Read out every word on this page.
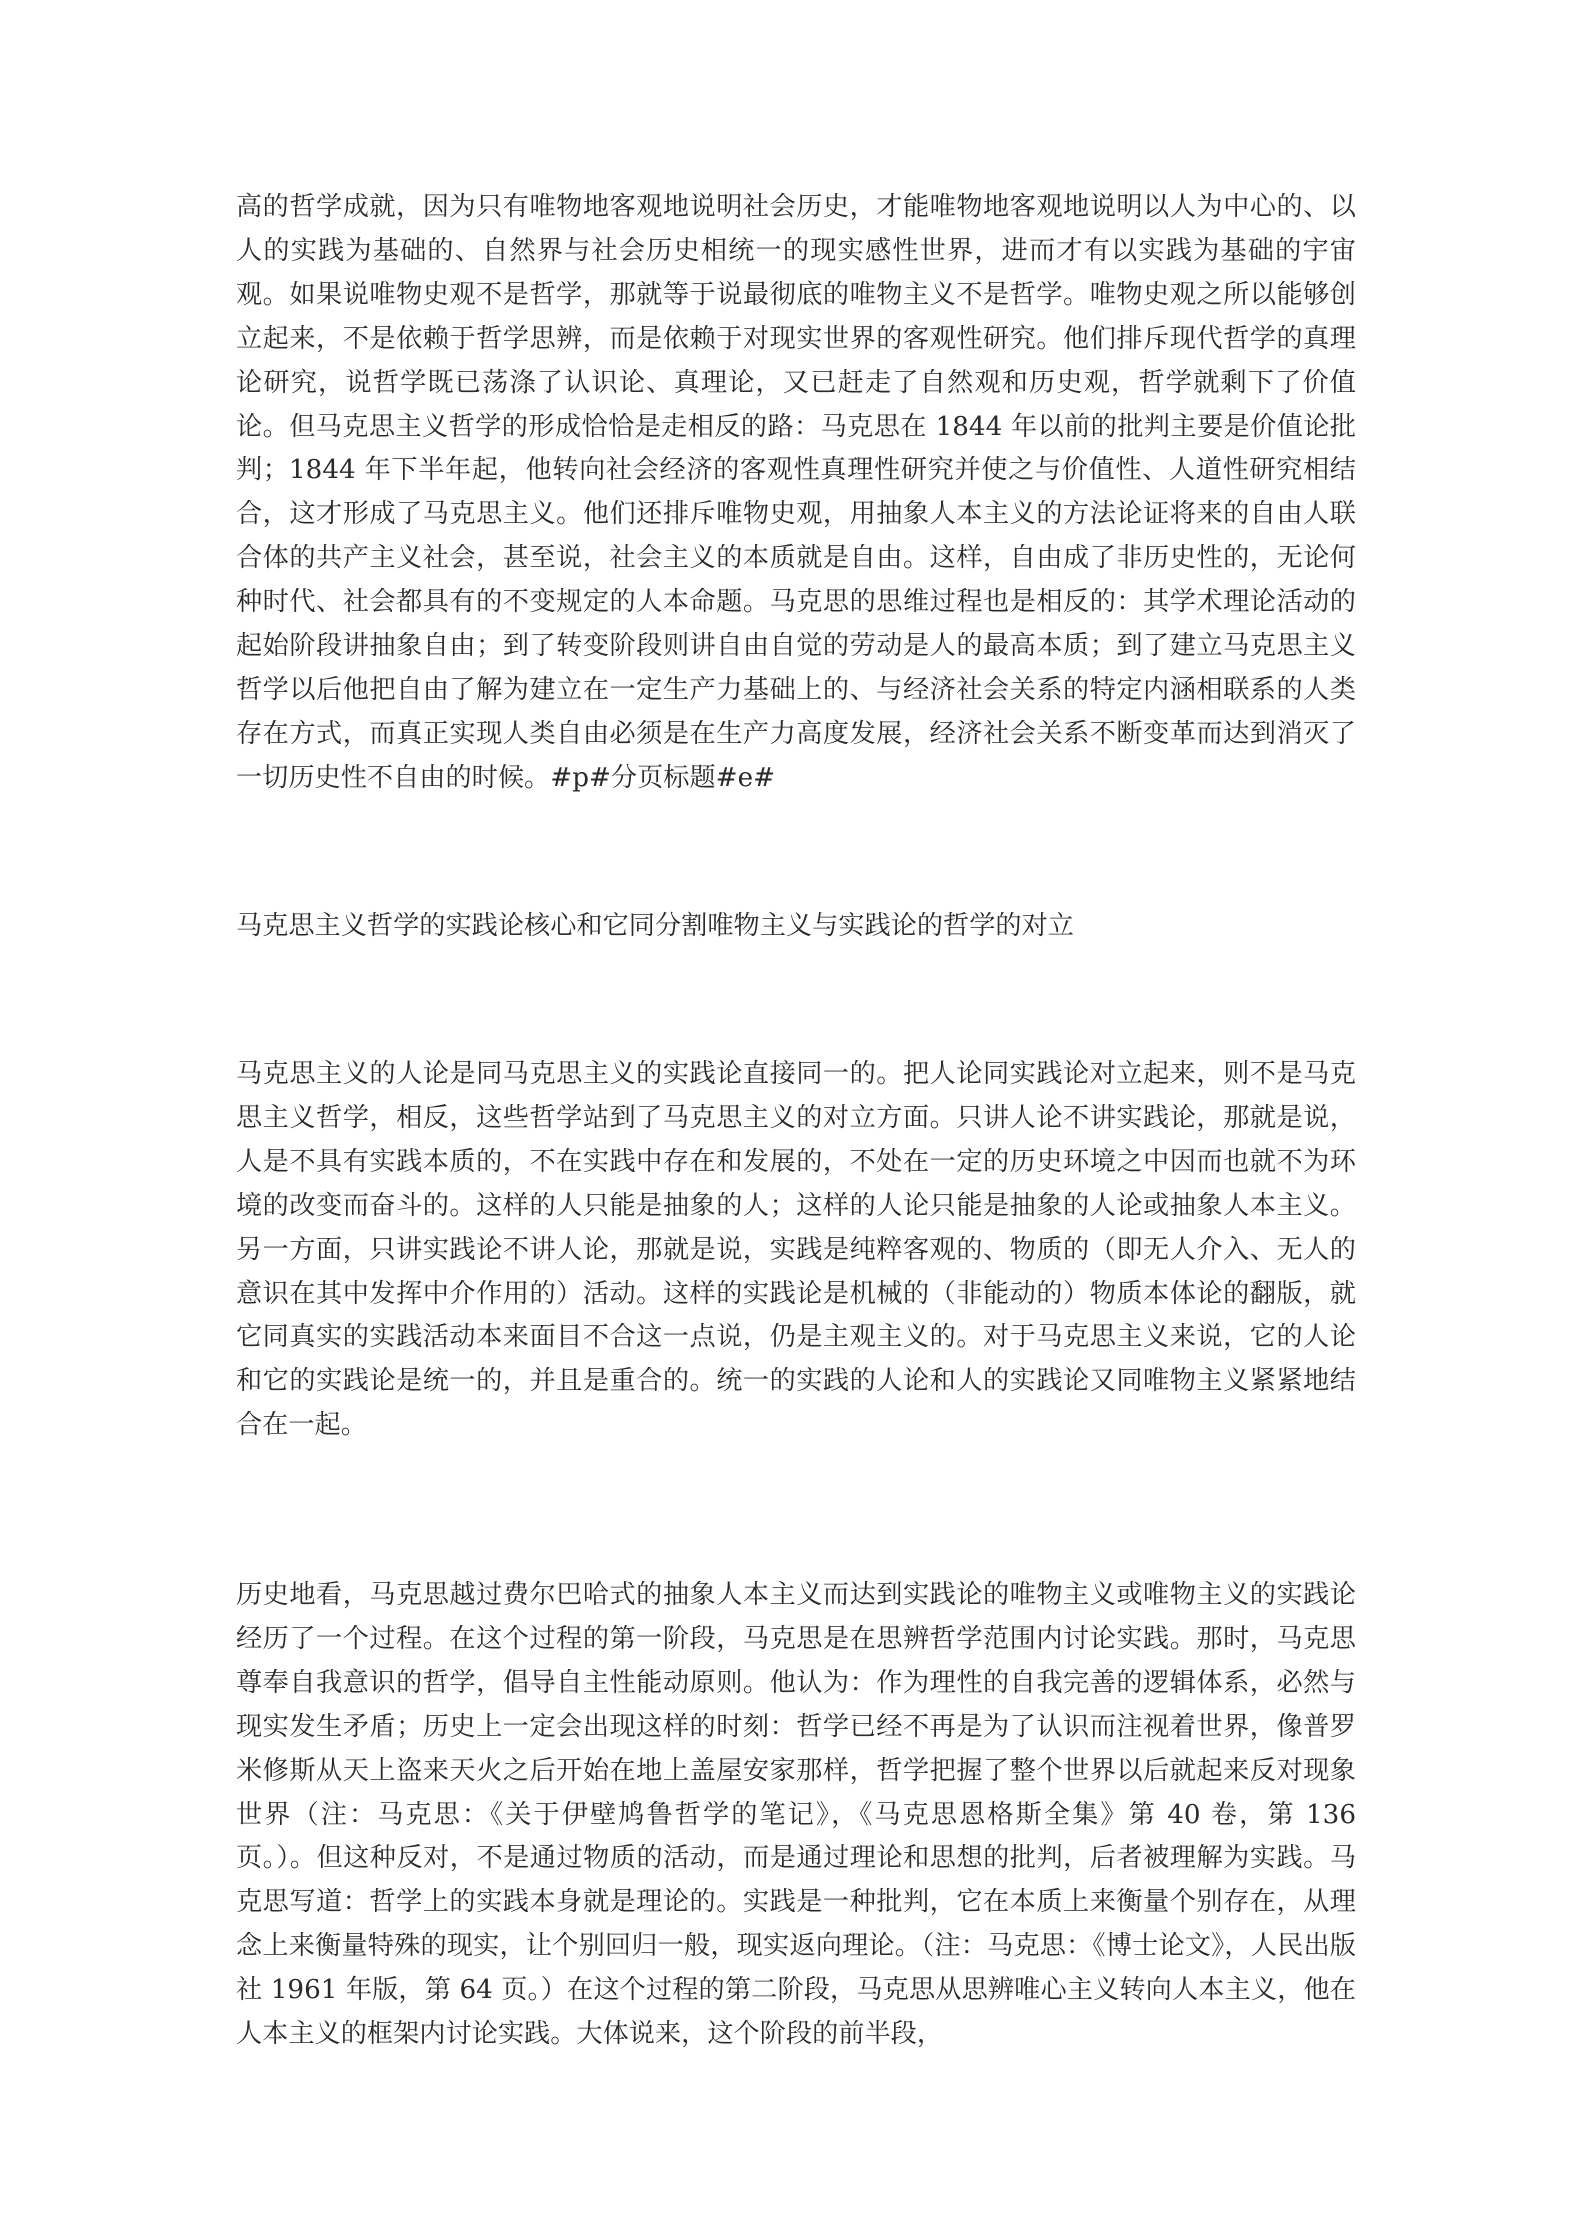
高的哲学成就，因为只有唯物地客观地说明社会历史，才能唯物地客观地说明以人为中心的、以人的实践为基础的、自然界与社会历史相统一的现实感性世界，进而才有以实践为基础的宇宙观。如果说唯物史观不是哲学，那就等于说最彻底的唯物主义不是哲学。唯物史观之所以能够创立起来，不是依赖于哲学思辨，而是依赖于对现实世界的客观性研究。他们排斥现代哲学的真理论研究，说哲学既已荡涤了认识论、真理论，又已赶走了自然观和历史观，哲学就剩下了价值论。但马克思主义哲学的形成恰恰是走相反的路：马克思在 1844 年以前的批判主要是价值论批判；1844 年下半年起，他转向社会经济的客观性真理性研究并使之与价值性、人道性研究相结合，这才形成了马克思主义。他们还排斥唯物史观，用抽象人本主义的方法论证将来的自由人联合体的共产主义社会，甚至说，社会主义的本质就是自由。这样，自由成了非历史性的，无论何种时代、社会都具有的不变规定的人本命题。马克思的思维过程也是相反的：其学术理论活动的起始阶段讲抽象自由；到了转变阶段则讲自由自觉的劳动是人的最高本质；到了建立马克思主义哲学以后他把自由了解为建立在一定生产力基础上的、与经济社会关系的特定内涵相联系的人类存在方式，而真正实现人类自由必须是在生产力高度发展，经济社会关系不断变革而达到消灭了一切历史性不自由的时候。#p#分页标题#e#

马克思主义哲学的实践论核心和它同分割唯物主义与实践论的哲学的对立

马克思主义的人论是同马克思主义的实践论直接同一的。把人论同实践论对立起来，则不是马克思主义哲学，相反，这些哲学站到了马克思主义的对立方面。只讲人论不讲实践论，那就是说，人是不具有实践本质的，不在实践中存在和发展的，不处在一定的历史环境之中因而也就不为环境的改变而奋斗的。这样的人只能是抽象的人；这样的人论只能是抽象的人论或抽象人本主义。另一方面，只讲实践论不讲人论，那就是说，实践是纯粹客观的、物质的（即无人介入、无人的意识在其中发挥中介作用的）活动。这样的实践论是机械的（非能动的）物质本体论的翻版，就它同真实的实践活动本来面目不合这一点说，仍是主观主义的。对于马克思主义来说，它的人论和它的实践论是统一的，并且是重合的。统一的实践的人论和人的实践论又同唯物主义紧紧地结合在一起。

历史地看，马克思越过费尔巴哈式的抽象人本主义而达到实践论的唯物主义或唯物主义的实践论经历了一个过程。在这个过程的第一阶段，马克思是在思辨哲学范围内讨论实践。那时，马克思尊奉自我意识的哲学，倡导自主性能动原则。他认为：作为理性的自我完善的逻辑体系，必然与现实发生矛盾；历史上一定会出现这样的时刻：哲学已经不再是为了认识而注视着世界，像普罗米修斯从天上盗来天火之后开始在地上盖屋安家那样，哲学把握了整个世界以后就起来反对现象世界（注：马克思：《关于伊壁鸠鲁哲学的笔记》，《马克思恩格斯全集》第 40 卷，第 136 页。）。但这种反对，不是通过物质的活动，而是通过理论和思想的批判，后者被理解为实践。马克思写道：哲学上的实践本身就是理论的。实践是一种批判，它在本质上来衡量个别存在，从理念上来衡量特殊的现实，让个别回归一般，现实返向理论。（注：马克思：《博士论文》，人民出版社 1961 年版，第 64 页。）在这个过程的第二阶段，马克思从思辨唯心主义转向人本主义，他在人本主义的框架内讨论实践。大体说来，这个阶段的前半段，
